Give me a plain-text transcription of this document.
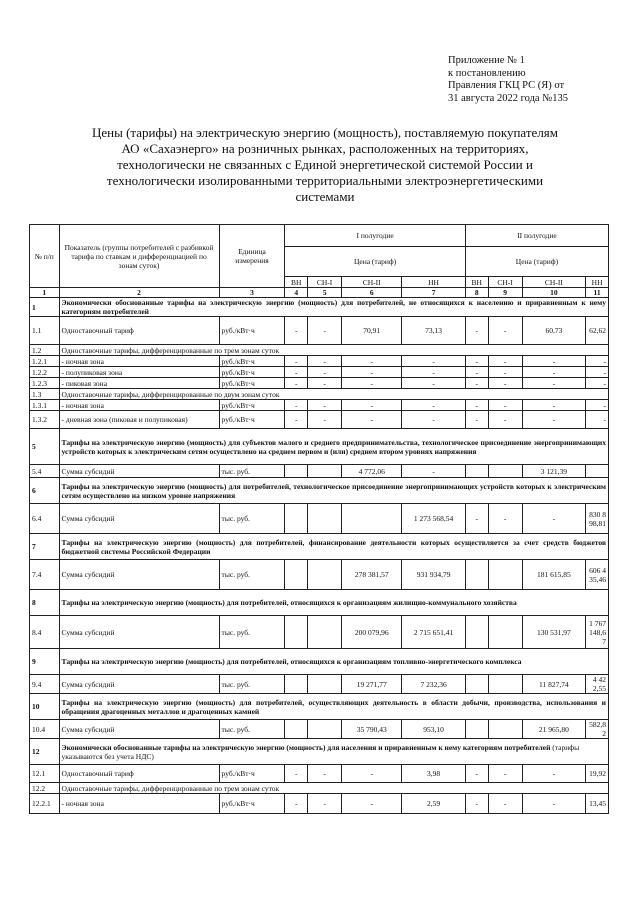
Приложение № 1
к постановлению
Правления ГКЦ РС (Я) от
31 августа 2022 года №135
Цены (тарифы) на электрическую энергию (мощность), поставляемую покупателям АО «Сахаэнерго» на розничных рынках, расположенных на территориях, технологически не связанных с Единой энергетической системой России и технологически изолированными территориальными электроэнергетическими системами
№ п/п	Показатель (группы потребителей с разбивкой тарифа по ставкам и дифференциацией по зонам суток)	Единица измерения	I полугодие				II полугодие			
			Цена (тариф)				Цена (тариф)			
			ВН	СН-I	СН-II	НН	ВН	СН-I	СН-II	НН
1	2	3	4	5	6	7	8	9	10	11
1	Экономически обоснованные тарифы на электрическую энергию (мощность) для потребителей, не относящихся к населению и приравненным к нему категориям потребителей									
1.1	Одноставочный тариф	руб./кВт·ч	-	-	70,91	73,13	-	-	60,73	62,62
1.2	Одноставочные тарифы, дифференцированные по трем зонам суток									
1.2.1	- ночная зона	руб./кВт·ч	-	-	-	-	-	-	-	-
1.2.2	- полупиковая зона	руб./кВт·ч	-	-	-	-	-	-	-	-
1.2.3	- пиковая зона	руб./кВт·ч	-	-	-	-	-	-	-	-
1.3	Одноставочные тарифы, дифференцированные по двум зонам суток									
1.3.1	- ночная зона	руб./кВт·ч	-	-	-	-	-	-	-	-
1.3.2	- дневная зона (пиковая и полупиковая)	руб./кВт·ч	-	-	-	-	-	-	-	-
5	Тарифы на электрическую энергию (мощность) для субъектов малого и среднего предпринимательства, технологическое присоединение энергопринимающих устройств которых к электрическим сетям осуществлено на среднем первом и (или) среднем втором уровнях напряжения									
5.4	Сумма субсидий	тыс. руб.			4 772,06	-			3 121,39	
6	Тарифы на электрическую энергию (мощность) для потребителей, технологическое присоединение энергопринимающих устройств которых к электрическим сетям осуществлено на низком уровне напряжения									
6.4	Сумма субсидий	тыс. руб.				1 273 568,54	-	-	-	830 898,81
7	Тарифы на электрическую энергию (мощность) для потребителей, финансирование деятельности которых осуществляется за счет средств бюджетов бюджетной системы Российской Федерации									
7.4	Сумма субсидий	тыс. руб.			278 381,57	931 934,79			181 615,85	606 435,46
8	Тарифы на электрическую энергию (мощность) для потребителей, относящихся к организациям жилищно-коммунального хозяйства									
8.4	Сумма субсидий	тыс. руб.			200 079,96	2 715 651,41			130 531,97	1 767 148,67
9	Тарифы на электрическую энергию (мощность) для потребителей, относящихся к организациям топливно-энергетического комплекса									
9.4	Сумма субсидий	тыс. руб.			19 271,77	7 232,36			11 827,74	4 422,55
10	Тарифы на электрическую энергию (мощность) для потребителей, осуществляющих деятельность в области добычи, производства, использования и обращения драгоценных металлов и драгоценных камней									
10.4	Сумма субсидий	тыс. руб.			35 790,43	953,10			21 965,80	582,82
12	Экономически обоснованные тарифы на электрическую энергию (мощность) для населения и приравненным к нему категориям потребителей (тарифы указываются без учета НДС)									
12.1	Одноставочный тариф	руб./кВт·ч	-	-	-	3,98	-	-	-	19,92
12.2	Одноставочные тарифы, дифференцированные по трем зонам суток									
12.2.1	- ночная зона	руб./кВт·ч	-	-	-	2,59	-	-	-	13,45
